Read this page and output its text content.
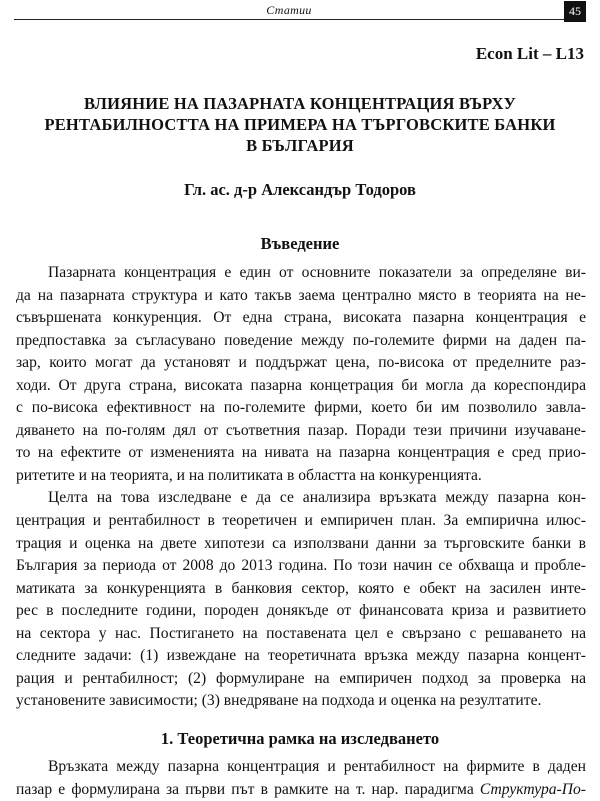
Статии	45
Econ Lit – L13
ВЛИЯНИЕ НА ПАЗАРНАТА КОНЦЕНТРАЦИЯ ВЪРХУ
РЕНТАБИЛНОСТТА НА ПРИМЕРА НА ТЪРГОВСКИТЕ БАНКИ
В БЪЛГАРИЯ
Гл. ас. д-р Александър Тодоров
Въведение
Пазарната концентрация е един от основните показатели за определяне ви-
да на пазарната структура и като такъв заема централно място в теорията на не-
съвършената конкуренция. От една страна, високата пазарна концентрация е
предпоставка за съгласувано поведение между по-големите фирми на даден па-
зар, които могат да установят и поддържат цена, по-висока от пределните раз-
ходи. От друга страна, високата пазарна концетрация би могла да кореспондира
с по-висока ефективност на по-големите фирми, което би им позволило завла-
дяването на по-голям дял от съответния пазар. Поради тези причини изучаване-
то на ефектите от измененията на нивата на пазарна концентрация е сред прио-
ритетите и на теорията, и на политиката в областта на конкуренцията.
Целта на това изследване е да се анализира връзката между пазарна кон-
центрация и рентабилност в теоретичен и емпиричен план. За емпирична илюс-
трация и оценка на двете хипотези са използвани данни за търговските банки в
България за периода от 2008 до 2013 година. По този начин се обхваща и пробле-
матиката за конкуренцията в банковия сектор, която е обект на засилен инте-
рес в последните години, породен донякъде от финансовата криза и развитието
на сектора у нас. Постигането на поставената цел е свързано с решаването на
следните задачи: (1) извеждане на теоретичната връзка между пазарна концент-
рация и рентабилност; (2) формулиране на емпиричен подход за проверка на
установените зависимости; (3) внедряване на подхода и оценка на резултатите.
1. Теоретична рамка на изследването
Връзката между пазарна концентрация и рентабилност на фирмите в даден
пазар е формулирана за първи път в рамките на т. нар. парадигма Структура-По-
